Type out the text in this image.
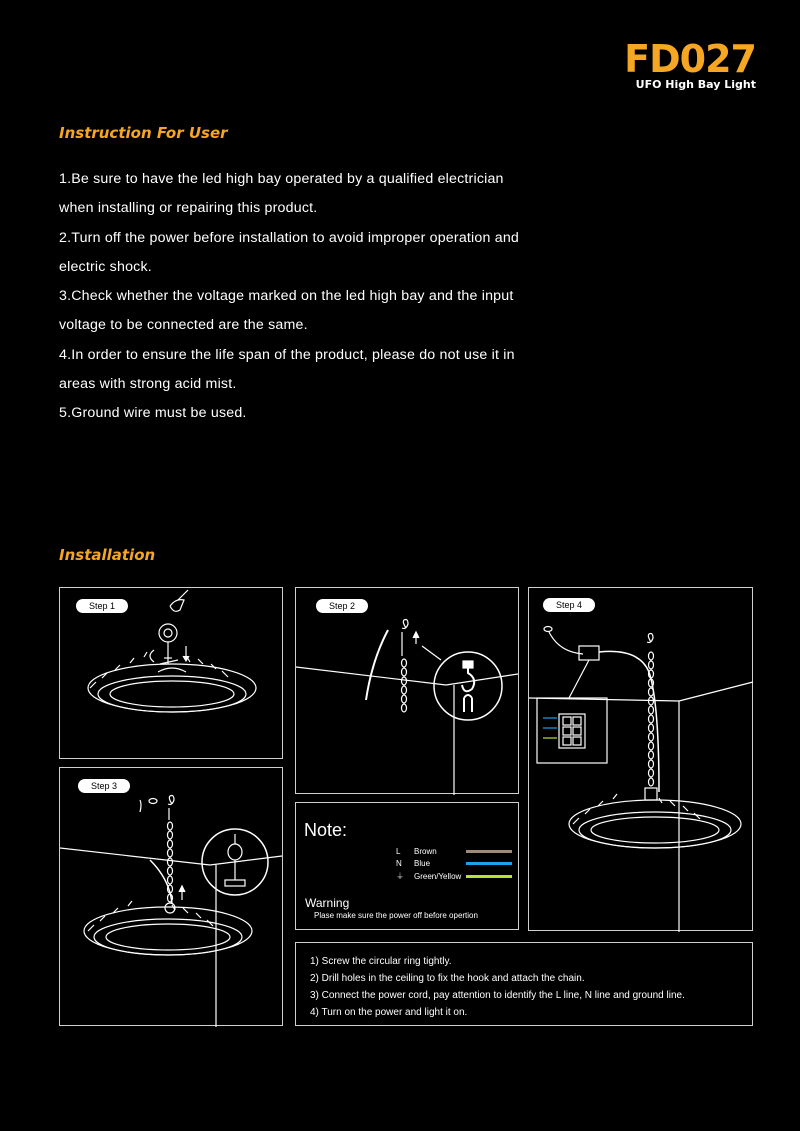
FD027
UFO High Bay Light
Instruction For User
1.Be sure to have the led high bay operated by a qualified electrician
when installing or repairing this product.
2.Turn off the power before installation to avoid improper operation and
electric shock.
3.Check whether the voltage marked on the led high bay and the input
voltage to be connected are the same.
4.In order to ensure the life span of the product, please do not use it in
areas with strong acid mist.
5.Ground wire must be used.
Installation
Step 1	Step 2
Step 3
Step 4
Note:
L	Brown
N	Blue
⏚	Green/Yellow
Warning
Plase make sure the power off before opertion
1) Screw the circular ring tightly.
2) Drill holes in the ceiling to fix the hook and attach the chain.
3) Connect the power cord, pay attention to identify the L line, N line and ground line.
4) Turn on the power and light it on.
